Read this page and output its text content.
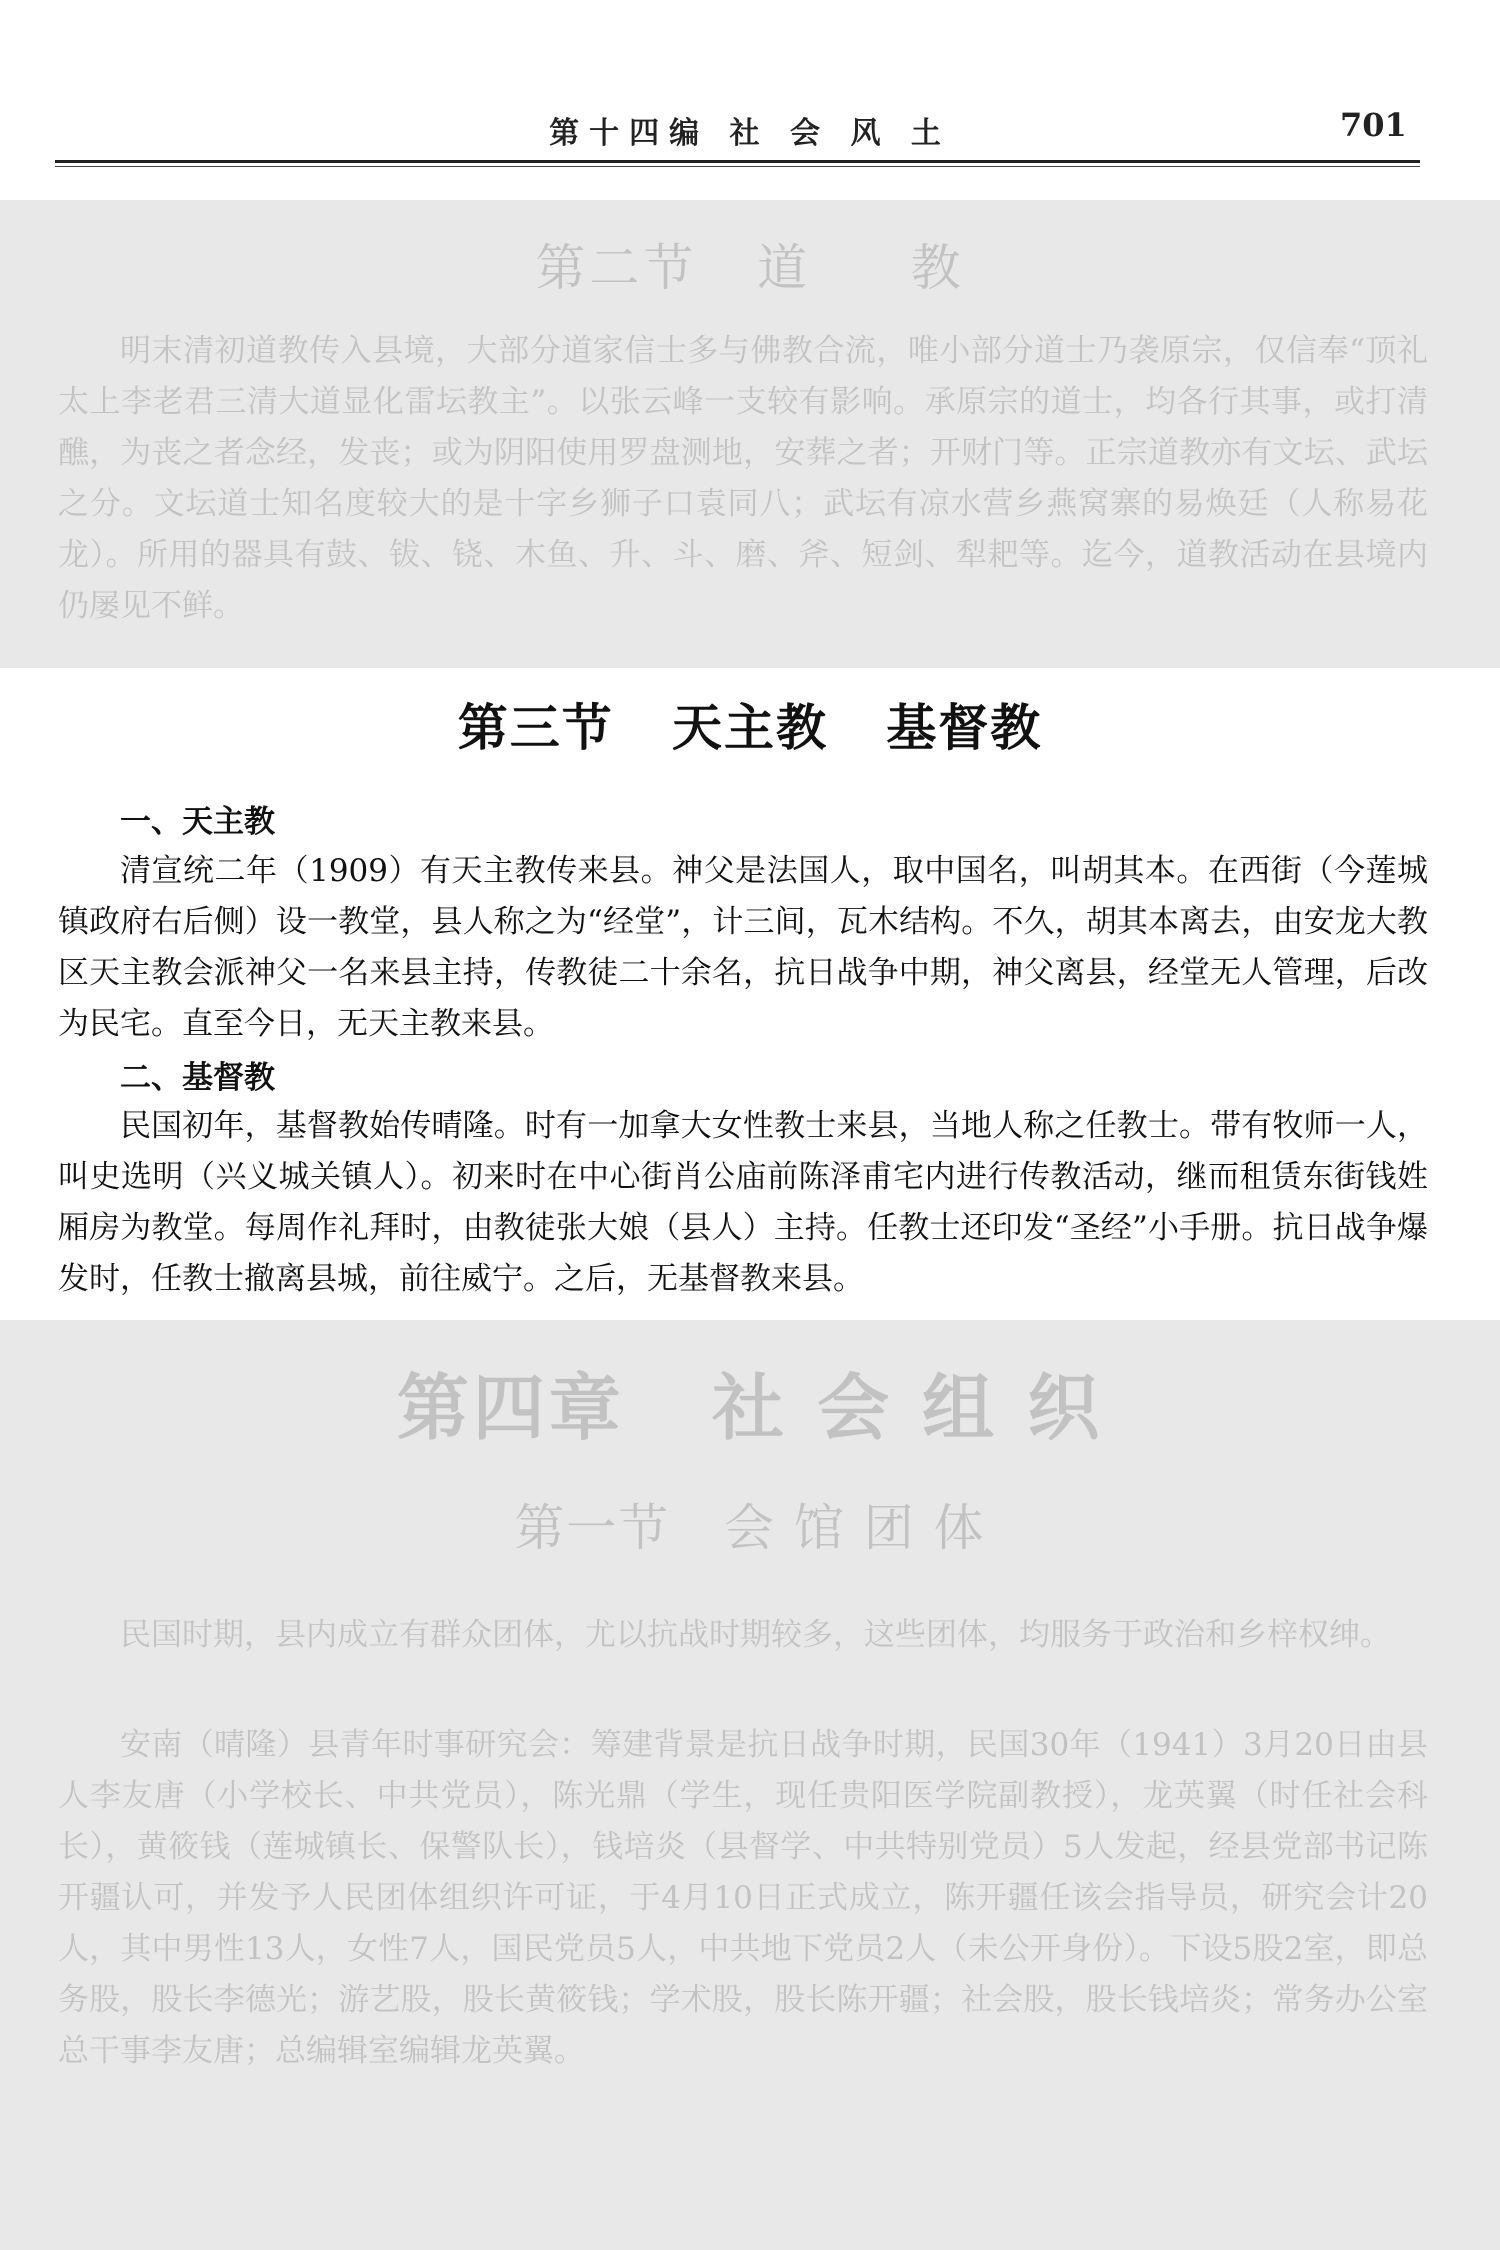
第十四编 社 会 风 土	701
第二节   道     教

明末清初道教传入县境，大部分道家信士多与佛教合流，唯小部分道士乃袭原宗，仅信奉“顶礼太上李老君三清大道显化雷坛教主”。以张云峰一支较有影响。承原宗的道士，均各行其事，或打清醮，为丧之者念经，发丧；或为阴阳使用罗盘测地，安葬之者；开财门等。正宗道教亦有文坛、武坛之分。文坛道士知名度较大的是十字乡狮子口袁同八；武坛有凉水营乡燕窝寨的易焕廷（人称易花龙）。所用的器具有鼓、钹、铙、木鱼、升、斗、磨、斧、短剑、犁耙等。迄今，道教活动在县境内仍屡见不鲜。

第三节   天主教   基督教
一、天主教

清宣统二年（1909）有天主教传来县。神父是法国人，取中国名，叫胡其本。在西街（今莲城镇政府右后侧）设一教堂，县人称之为“经堂”，计三间，瓦木结构。不久，胡其本离去，由安龙大教区天主教会派神父一名来县主持，传教徒二十余名，抗日战争中期，神父离县，经堂无人管理，后改为民宅。直至今日，无天主教来县。

二、基督教

民国初年，基督教始传晴隆。时有一加拿大女性教士来县，当地人称之任教士。带有牧师一人，叫史选明（兴义城关镇人）。初来时在中心街肖公庙前陈泽甫宅内进行传教活动，继而租赁东街钱姓厢房为教堂。每周作礼拜时，由教徒张大娘（县人）主持。任教士还印发“圣经”小手册。抗日战争爆发时，任教士撤离县城，前往威宁。之后，无基督教来县。

第四章   社 会 组 织
第一节   会 馆 团 体

民国时期，县内成立有群众团体，尤以抗战时期较多，这些团体，均服务于政治和乡梓权绅。

安南（晴隆）县青年时事研究会：筹建背景是抗日战争时期，民国30年（1941）3月20日由县人李友唐（小学校长、中共党员），陈光鼎（学生，现任贵阳医学院副教授），龙英翼（时任社会科长），黄筱钱（莲城镇长、保警队长），钱培炎（县督学、中共特别党员）5人发起，经县党部书记陈开疆认可，并发予人民团体组织许可证，于4月10日正式成立，陈开疆任该会指导员，研究会计20人，其中男性13人，女性7人，国民党员5人，中共地下党员2人（未公开身份）。下设5股2室，即总务股，股长李德光；游艺股，股长黄筱钱；学术股，股长陈开疆；社会股，股长钱培炎；常务办公室总干事李友唐；总编辑室编辑龙英翼。
